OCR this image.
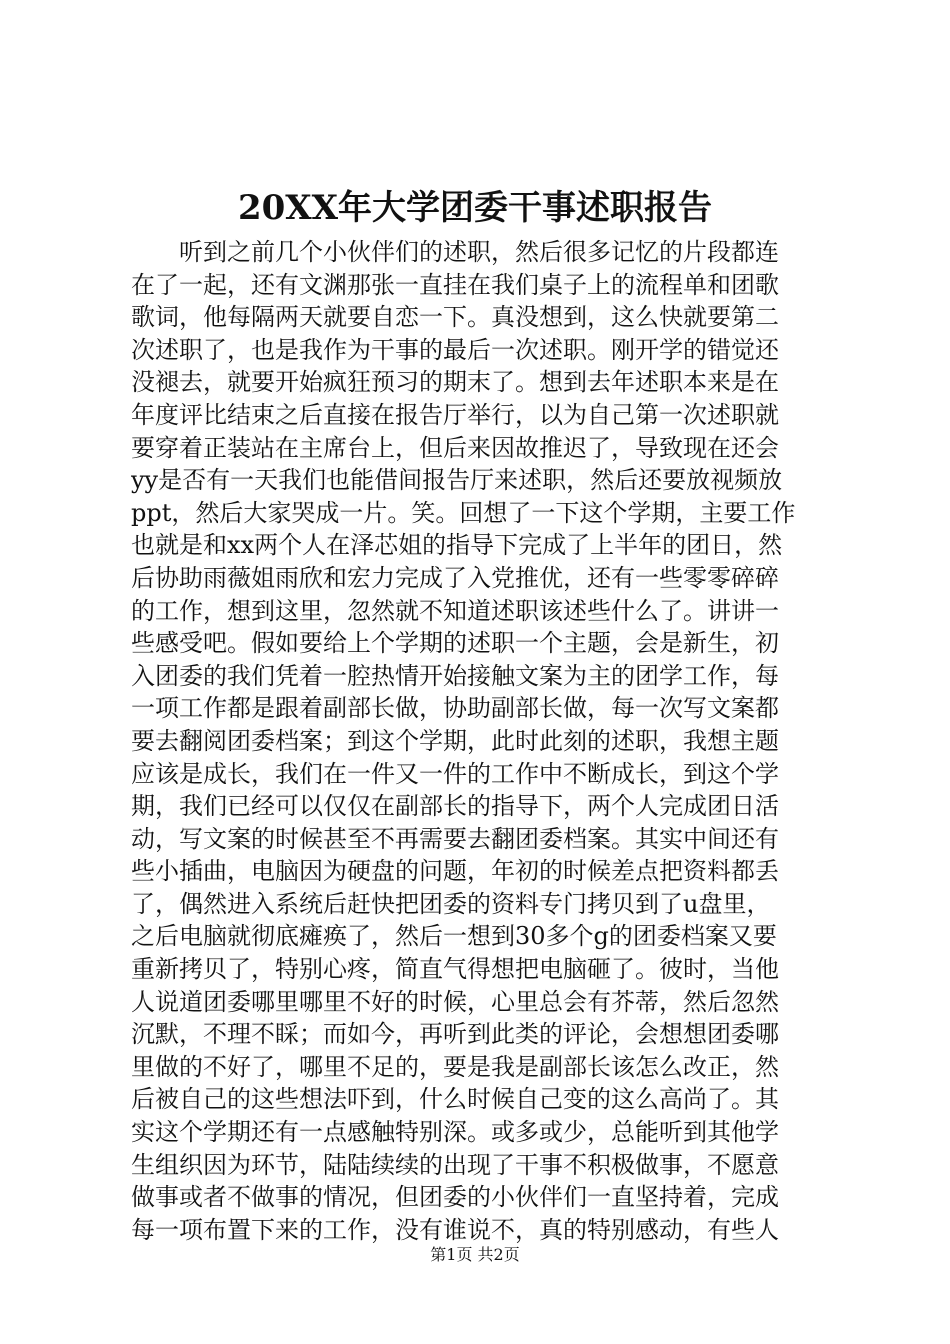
20XX年大学团委干事述职报告
　　听到之前几个小伙伴们的述职，然后很多记忆的片段都连
在了一起，还有文渊那张一直挂在我们桌子上的流程单和团歌
歌词，他每隔两天就要自恋一下。真没想到，这么快就要第二
次述职了，也是我作为干事的最后一次述职。刚开学的错觉还
没褪去，就要开始疯狂预习的期末了。想到去年述职本来是在
年度评比结束之后直接在报告厅举行，以为自己第一次述职就
要穿着正装站在主席台上，但后来因故推迟了，导致现在还会
yy是否有一天我们也能借间报告厅来述职，然后还要放视频放
ppt，然后大家哭成一片。笑。回想了一下这个学期，主要工作
也就是和xx两个人在泽芯姐的指导下完成了上半年的团日，然
后协助雨薇姐雨欣和宏力完成了入党推优，还有一些零零碎碎
的工作，想到这里，忽然就不知道述职该述些什么了。讲讲一
些感受吧。假如要给上个学期的述职一个主题，会是新生，初
入团委的我们凭着一腔热情开始接触文案为主的团学工作，每
一项工作都是跟着副部长做，协助副部长做，每一次写文案都
要去翻阅团委档案；到这个学期，此时此刻的述职，我想主题
应该是成长，我们在一件又一件的工作中不断成长，到这个学
期，我们已经可以仅仅在副部长的指导下，两个人完成团日活
动，写文案的时候甚至不再需要去翻团委档案。其实中间还有
些小插曲，电脑因为硬盘的问题，年初的时候差点把资料都丢
了，偶然进入系统后赶快把团委的资料专门拷贝到了u盘里，
之后电脑就彻底瘫痪了，然后一想到30多个g的团委档案又要
重新拷贝了，特别心疼，简直气得想把电脑砸了。彼时，当他
人说道团委哪里哪里不好的时候，心里总会有芥蒂，然后忽然
沉默，不理不睬；而如今，再听到此类的评论，会想想团委哪
里做的不好了，哪里不足的，要是我是副部长该怎么改正，然
后被自己的这些想法吓到，什么时候自己变的这么高尚了。其
实这个学期还有一点感触特别深。或多或少，总能听到其他学
生组织因为环节，陆陆续续的出现了干事不积极做事，不愿意
做事或者不做事的情况，但团委的小伙伴们一直坚持着，完成
每一项布置下来的工作，没有谁说不，真的特别感动，有些人
第1页 共2页
